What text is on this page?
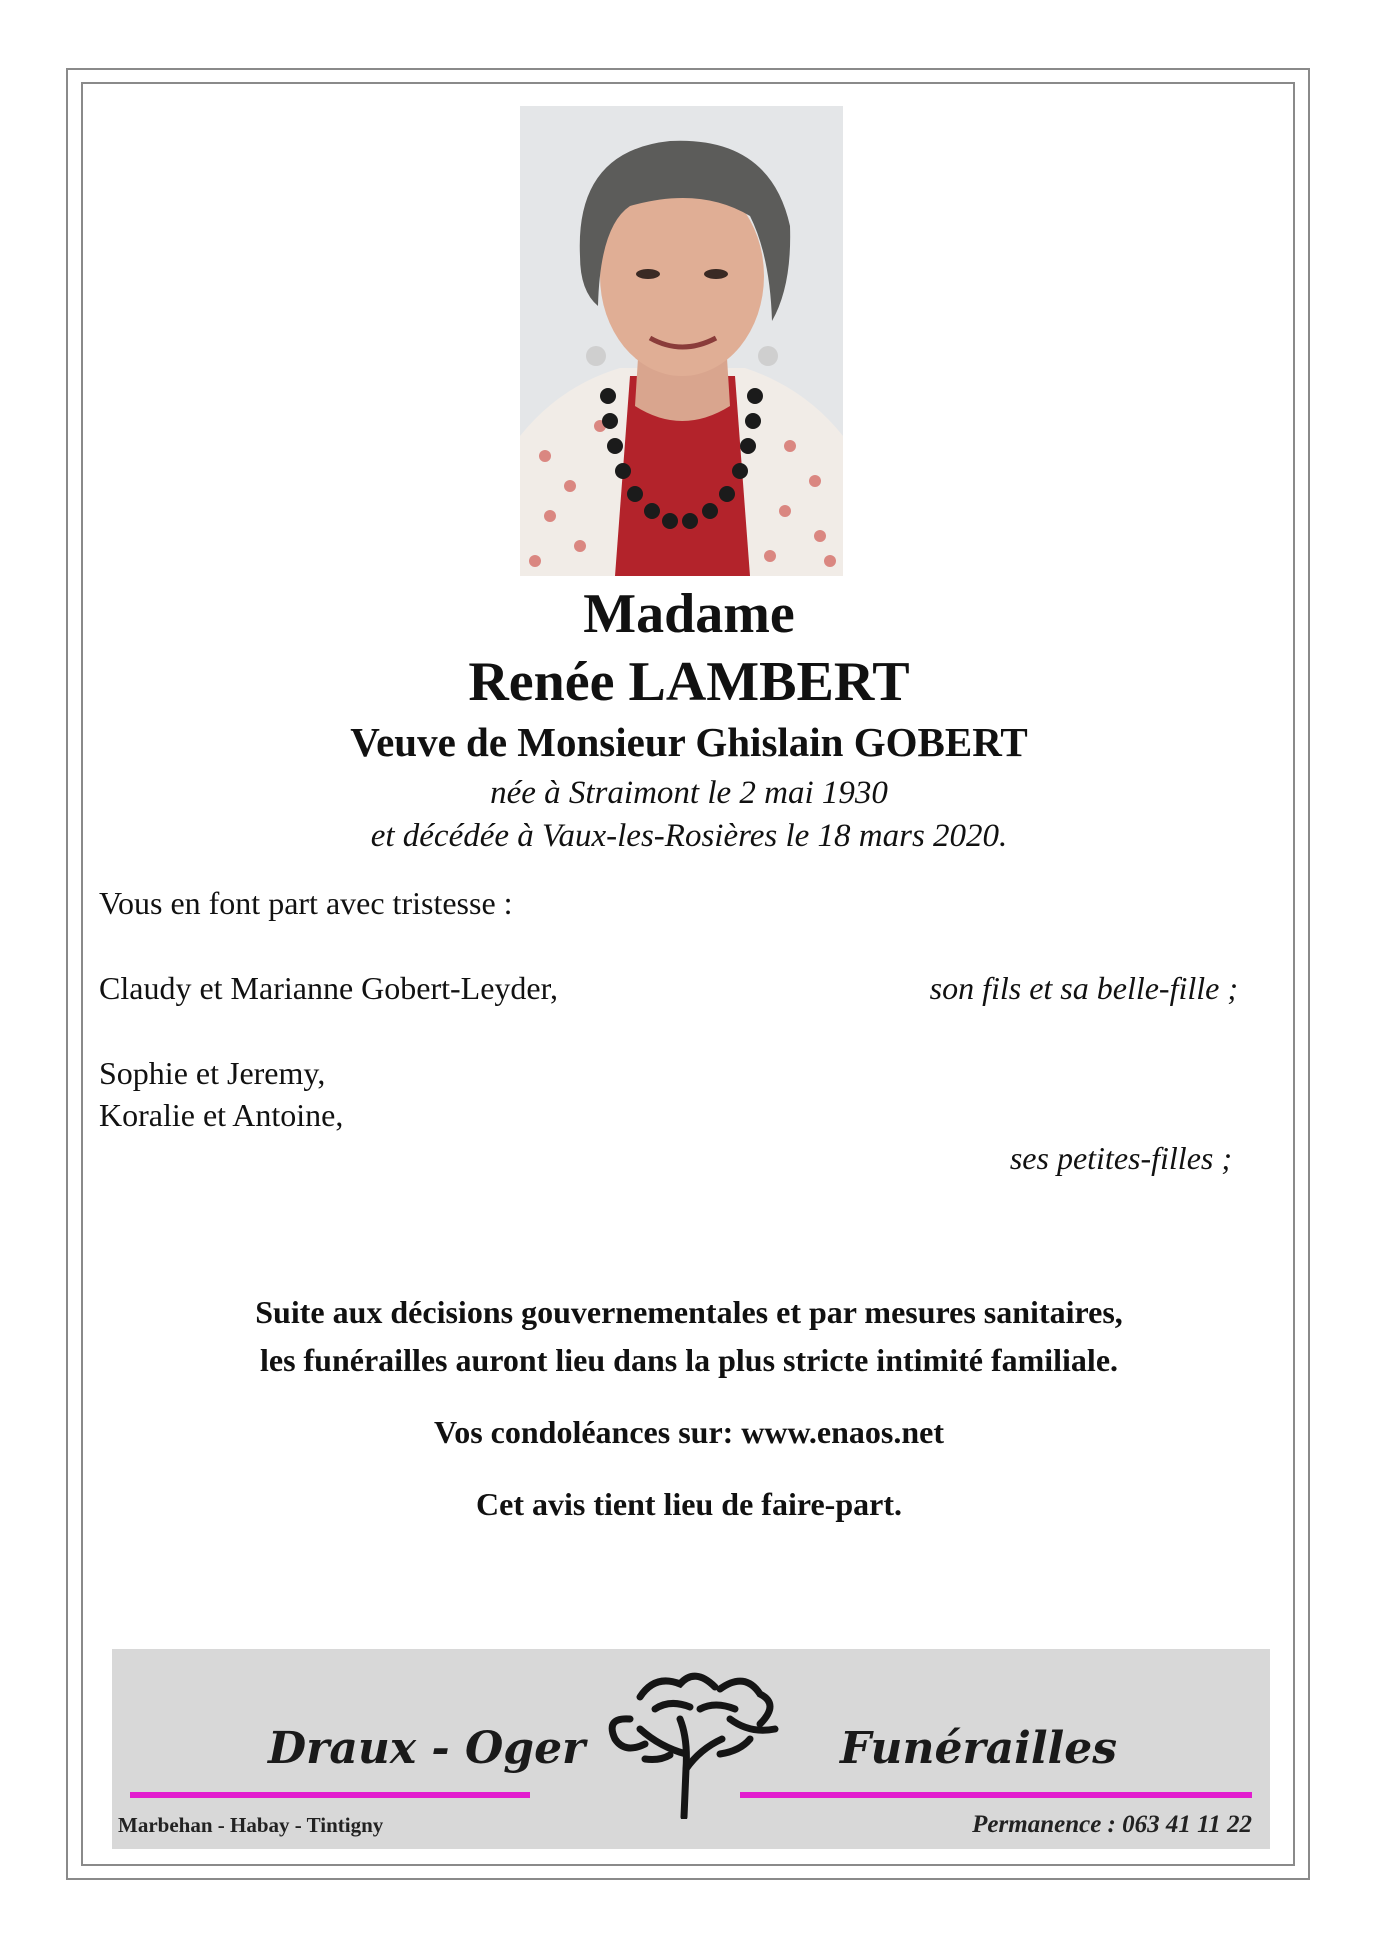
Madame
Renée LAMBERT
Veuve de Monsieur Ghislain GOBERT
née à Straimont le 2 mai 1930
et décédée à Vaux-les-Rosières le 18 mars 2020.
Vous en font part avec tristesse :
Claudy et Marianne Gobert-Leyder,	son fils et sa belle-fille ;
Sophie et Jeremy,
Koralie et Antoine,
ses petites-filles ;
Suite aux décisions gouvernementales et par mesures sanitaires,
les funérailles auront lieu dans la plus stricte intimité familiale.
Vos condoléances sur: www.enaos.net
Cet avis tient lieu de faire-part.
Draux - Oger	Funérailles
Marbehan - Habay - Tintigny	Permanence : 063 41 11 22
